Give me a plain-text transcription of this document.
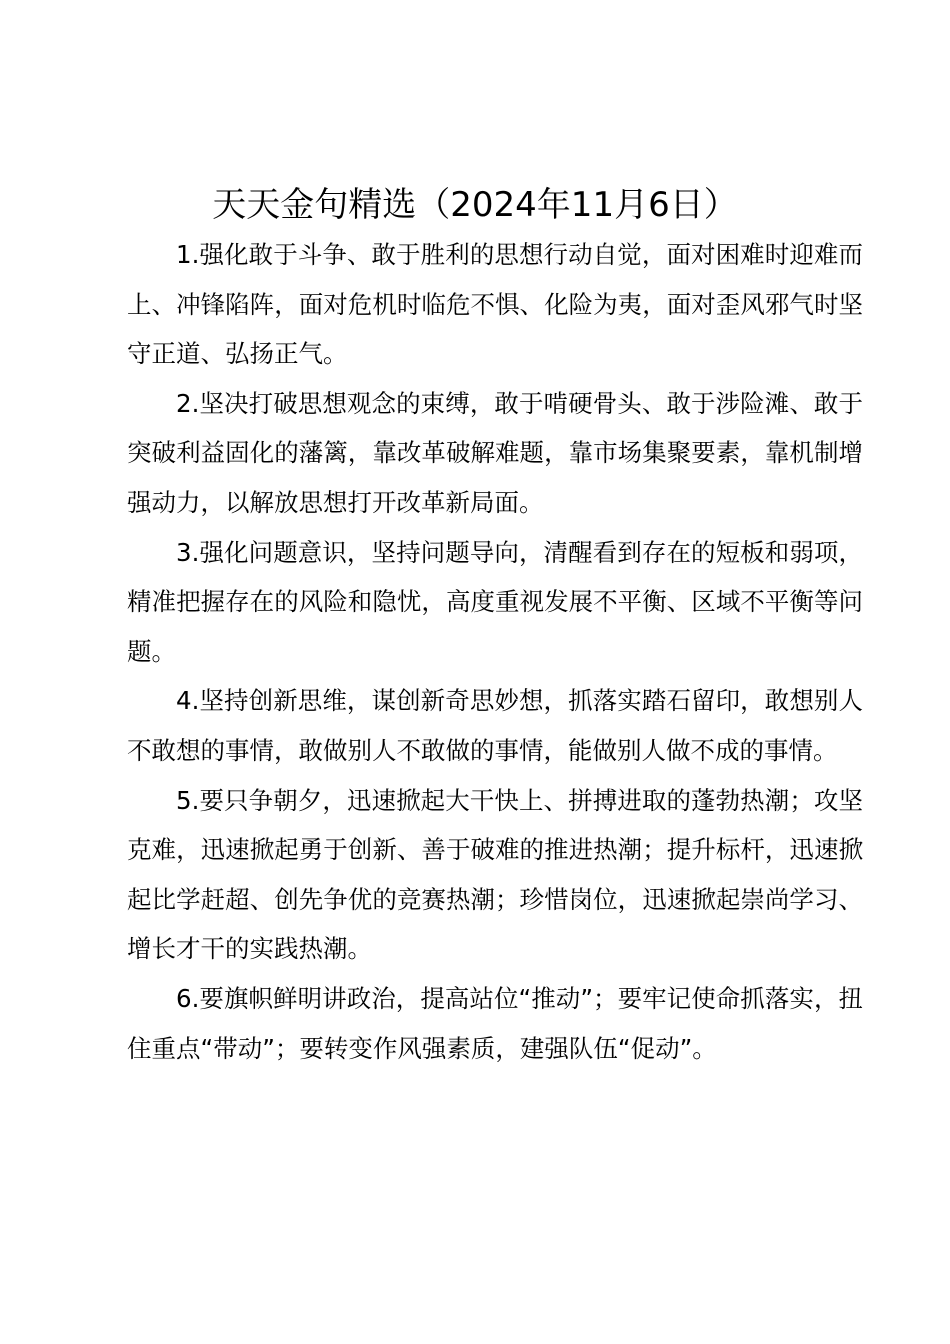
天天金句精选（2024年11月6日）

1.强化敢于斗争、敢于胜利的思想行动自觉，面对困难时迎难而上、冲锋陷阵，面对危机时临危不惧、化险为夷，面对歪风邪气时坚守正道、弘扬正气。

2.坚决打破思想观念的束缚，敢于啃硬骨头、敢于涉险滩、敢于突破利益固化的藩篱，靠改革破解难题，靠市场集聚要素，靠机制增强动力，以解放思想打开改革新局面。

3.强化问题意识，坚持问题导向，清醒看到存在的短板和弱项，精准把握存在的风险和隐忧，高度重视发展不平衡、区域不平衡等问题。

4.坚持创新思维，谋创新奇思妙想，抓落实踏石留印，敢想别人不敢想的事情，敢做别人不敢做的事情，能做别人做不成的事情。

5.要只争朝夕，迅速掀起大干快上、拼搏进取的蓬勃热潮；攻坚克难，迅速掀起勇于创新、善于破难的推进热潮；提升标杆，迅速掀起比学赶超、创先争优的竞赛热潮；珍惜岗位，迅速掀起崇尚学习、增长才干的实践热潮。

6.要旗帜鲜明讲政治，提高站位“推动”；要牢记使命抓落实，扭住重点“带动”；要转变作风强素质，建强队伍“促动”。
